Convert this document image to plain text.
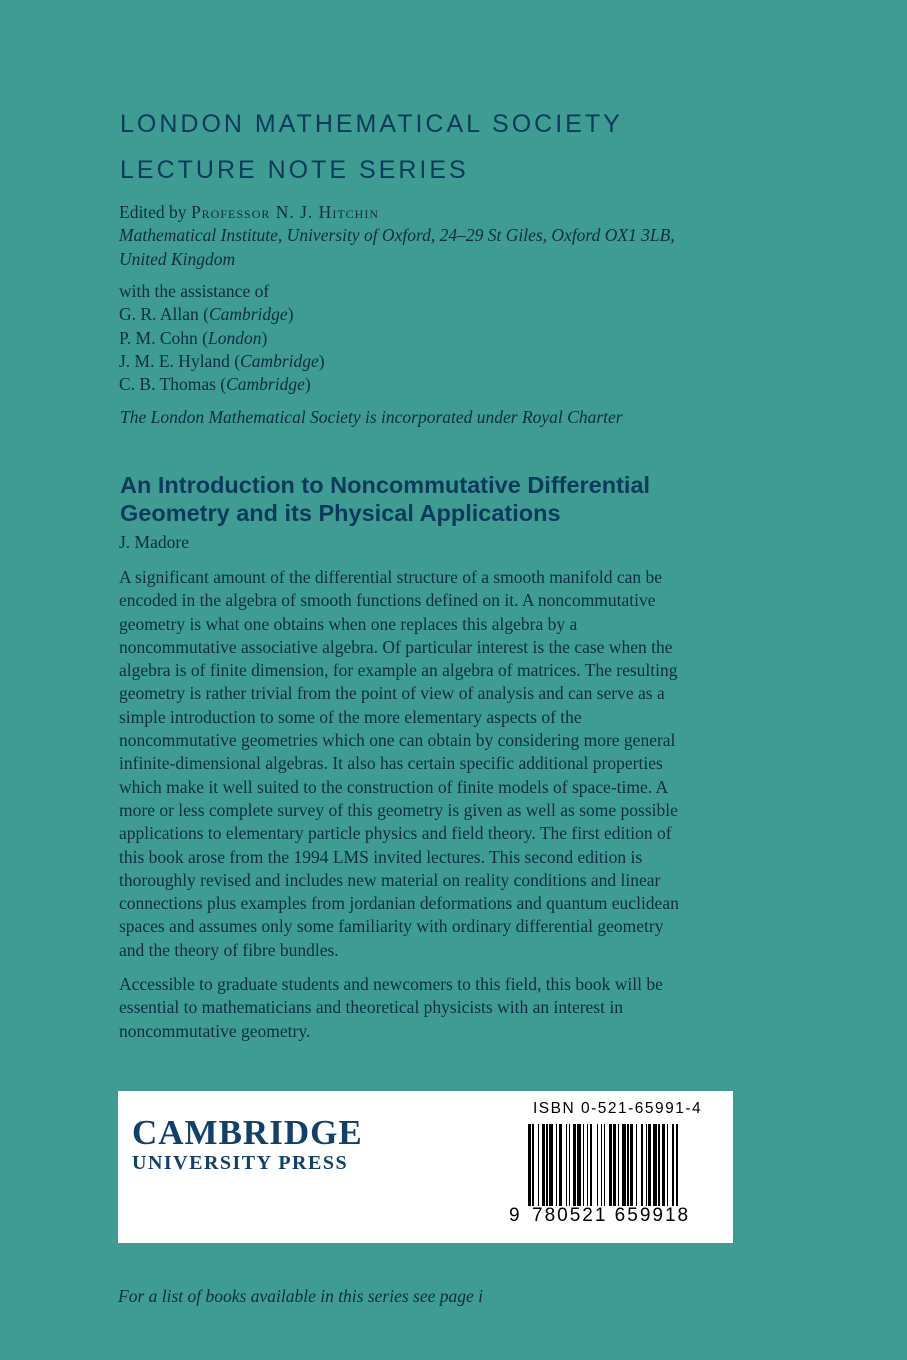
LONDON MATHEMATICAL SOCIETY
LECTURE NOTE SERIES
Edited by Professor N. J. Hitchin
Mathematical Institute, University of Oxford, 24–29 St Giles, Oxford OX1 3LB,
United Kingdom
with the assistance of
G. R. Allan (Cambridge)
P. M. Cohn (London)
J. M. E. Hyland (Cambridge)
C. B. Thomas (Cambridge)
The London Mathematical Society is incorporated under Royal Charter
An Introduction to Noncommutative Differential
Geometry and its Physical Applications
J. Madore
A significant amount of the differential structure of a smooth manifold can be
encoded in the algebra of smooth functions defined on it. A noncommutative
geometry is what one obtains when one replaces this algebra by a
noncommutative associative algebra. Of particular interest is the case when the
algebra is of finite dimension, for example an algebra of matrices. The resulting
geometry is rather trivial from the point of view of analysis and can serve as a
simple introduction to some of the more elementary aspects of the
noncommutative geometries which one can obtain by considering more general
infinite-dimensional algebras. It also has certain specific additional properties
which make it well suited to the construction of finite models of space-time. A
more or less complete survey of this geometry is given as well as some possible
applications to elementary particle physics and field theory. The first edition of
this book arose from the 1994 LMS invited lectures. This second edition is
thoroughly revised and includes new material on reality conditions and linear
connections plus examples from jordanian deformations and quantum euclidean
spaces and assumes only some familiarity with ordinary differential geometry
and the theory of fibre bundles.
Accessible to graduate students and newcomers to this field, this book will be
essential to mathematicians and theoretical physicists with an interest in
noncommutative geometry.
CAMBRIDGE
UNIVERSITY PRESS
ISBN 0-521-65991-4
9 780521 659918
For a list of books available in this series see page i
